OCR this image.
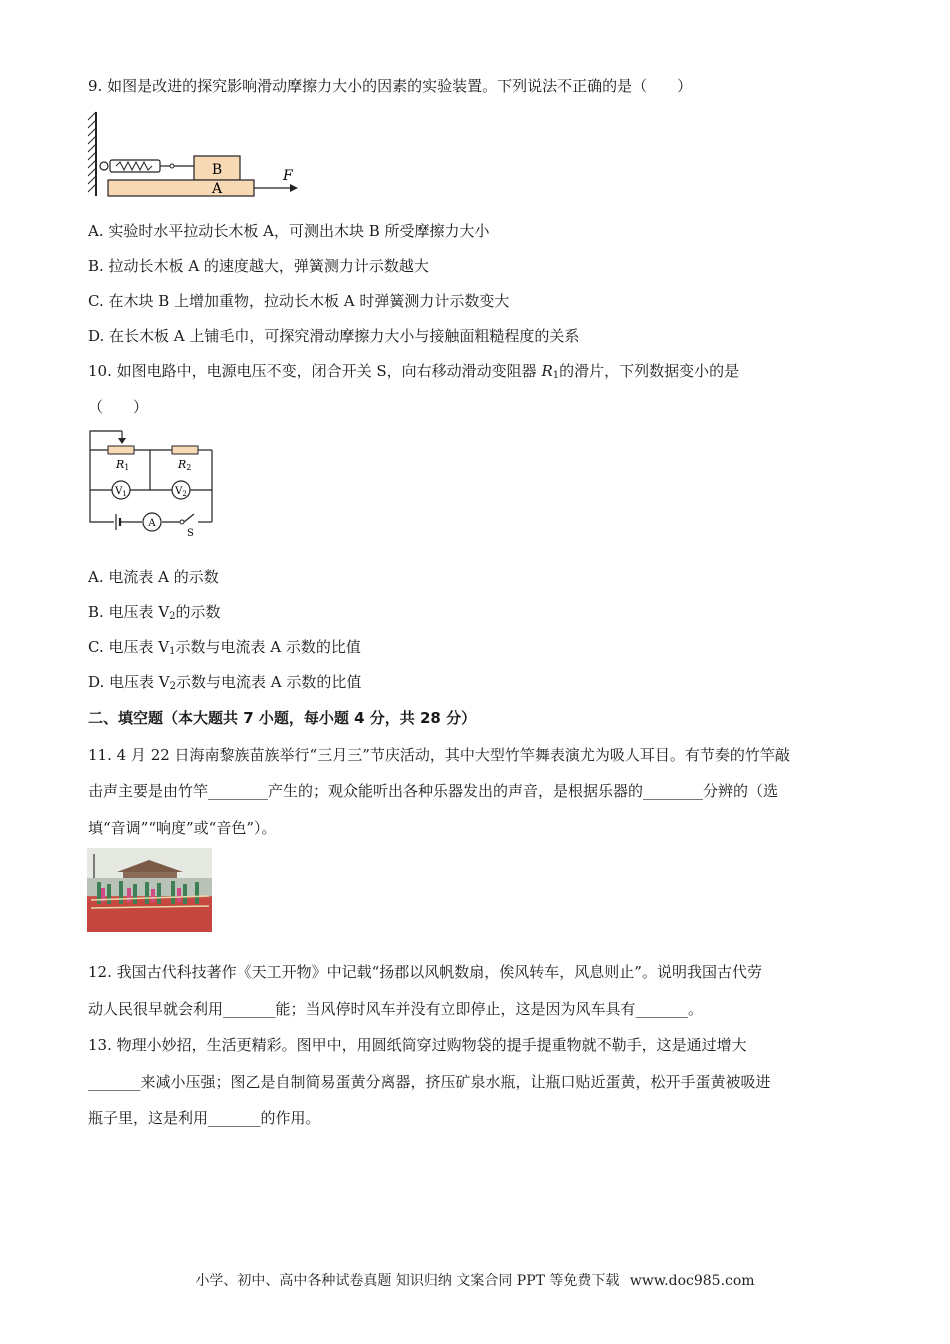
9. 如图是改进的探究影响滑动摩擦力大小的因素的实验装置。下列说法不正确的是（　　）
B
A
F
A. 实验时水平拉动长木板 A，可测出木块 B 所受摩擦力大小
B. 拉动长木板 A 的速度越大，弹簧测力计示数越大
C. 在木块 B 上增加重物，拉动长木板 A 时弹簧测力计示数变大
D. 在长木板 A 上铺毛巾，可探究滑动摩擦力大小与接触面粗糙程度的关系
10. 如图电路中，电源电压不变，闭合开关 S，向右移动滑动变阻器 $R_1$的滑片，下列数据变小的是
（　　）
R1	R2
$V_1$	$V_2$
A
S
A. 电流表 A 的示数
B. 电压表 $V_2$的示数
C. 电压表 $V_1$示数与电流表 A 示数的比值
D. 电压表 $V_2$示数与电流表 A 示数的比值
二、填空题（本大题共 7 小题，每小题 4 分，共 28 分）
11. 4 月 22 日海南黎族苗族举行“三月三”节庆活动，其中大型竹竿舞表演尤为吸人耳目。有节奏的竹竿敲
击声主要是由竹竿________产生的；观众能听出各种乐器发出的声音，是根据乐器的________分辨的（选
填“音调”“响度”或“音色”）。
12. 我国古代科技著作《天工开物》中记载“扬郡以风帆数扇，俟风转车，风息则止”。说明我国古代劳
动人民很早就会利用_______能；当风停时风车并没有立即停止，这是因为风车具有_______。
13. 物理小妙招，生活更精彩。图甲中，用圆纸筒穿过购物袋的提手提重物就不勒手，这是通过增大
_______来减小压强；图乙是自制简易蛋黄分离器，挤压矿泉水瓶，让瓶口贴近蛋黄，松开手蛋黄被吸进
瓶子里，这是利用_______的作用。
小学、初中、高中各种试卷真题 知识归纳 文案合同 PPT 等免费下载 www.doc985.com
